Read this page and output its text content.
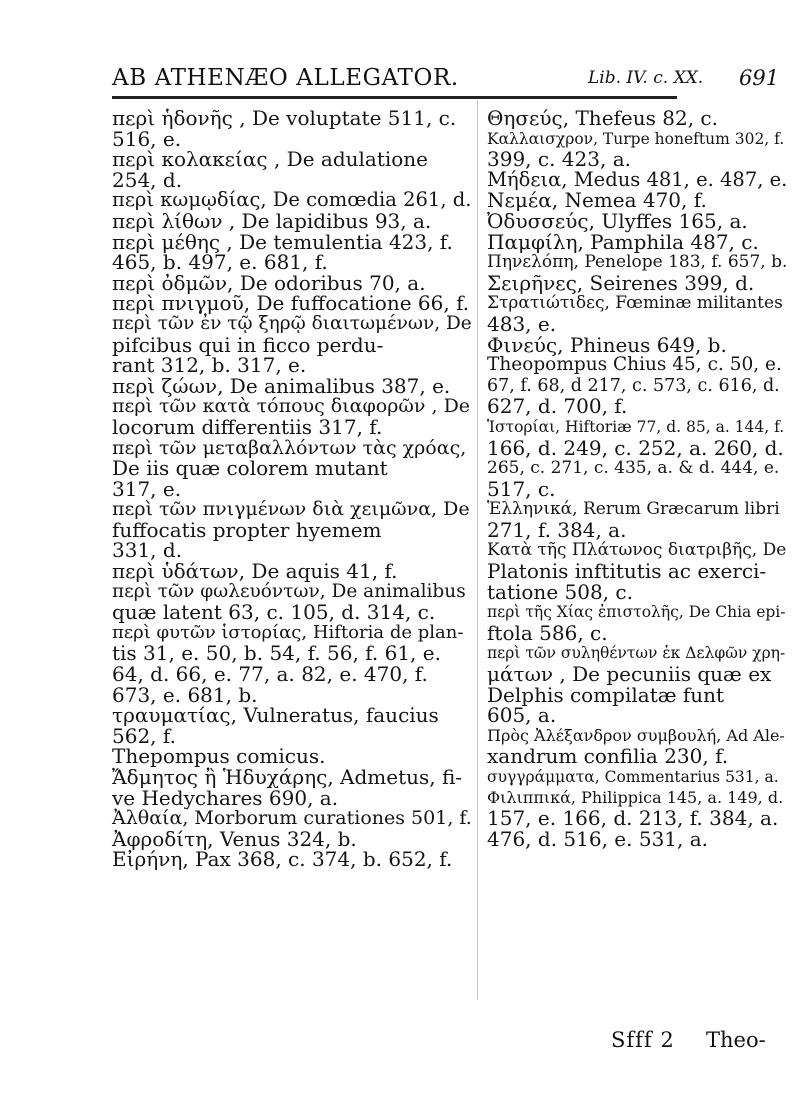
AB ATHENÆO ALLEGATOR.	Lib. IV. c. XX. 691

περὶ ἡδονῆς , De voluptate 511, c.

516, e.

περὶ κολακείας , De adulatione

254, d.

περὶ κωμῳδίας, De comœdia 261, d.

περὶ λίθων , De lapidibus 93, a.

περὶ μέθης , De temulentia 423, f.

465, b. 497, e. 681, f.

περὶ ὀδμῶν, De odoribus 70, a.

περὶ πνιγμοῦ, De fuffocatione 66, f.

περὶ τῶν ἐν τῷ ξηρῷ διαιτωμένων, De

pifcibus qui in ficco perdu-

rant 312, b. 317, e.

περὶ ζώων, De animalibus 387, e.

περὶ τῶν κατὰ τόπους διαφορῶν , De

locorum differentiis 317, f.

περὶ τῶν μεταβαλλόντων τὰς χρόας,

De iis quæ colorem mutant

317, e.

περὶ τῶν πνιγμένων διὰ χειμῶνα, De

fuffocatis propter hyemem

331, d.

περὶ ὑδάτων, De aquis 41, f.

περὶ τῶν φωλευόντων, De animalibus

quæ latent 63, c. 105, d. 314, c.

περὶ φυτῶν ἱστορίας, Hiftoria de plan-

tis 31, e. 50, b. 54, f. 56, f. 61, e.

64, d. 66, e. 77, a. 82, e. 470, f.

673, e. 681, b.

τραυματίας, Vulneratus, faucius

562, f.

Thepompus comicus.

Ἄδμητος ἢ Ἡδυχάρης, Admetus, fi-

ve Hedychares 690, a.

Ἀλθαία, Morborum curationes 501, f.

Ἀφροδίτη, Venus 324, b.

Εἰρήνη, Pax 368, c. 374, b. 652, f.

Θησεύς, Thefeus 82, c.

Καλλαισχρον, Turpe honeftum 302, f.

399, c. 423, a.

Μήδεια, Medus 481, e. 487, e.

Νεμέα, Nemea 470, f.

Ὀδυσσεύς, Ulyffes 165, a.

Παμφίλη, Pamphila 487, c.

Πηνελόπη, Penelope 183, f. 657, b.

Σειρῆνες, Seirenes 399, d.

Στρατιώτιδες, Fœminæ militantes

483, e.

Φινεύς, Phineus 649, b.

Theopompus Chius 45, c. 50, e.

67, f. 68, d 217, c. 573, c. 616, d.

627, d. 700, f.

Ἱστορίαι, Hiftoriæ 77, d. 85, a. 144, f.

166, d. 249, c. 252, a. 260, d.

265, c. 271, c. 435, a. & d. 444, e.

517, c.

Ἑλληνικά, Rerum Græcarum libri

271, f. 384, a.

Κατὰ τῆς Πλάτωνος διατριβῆς, De

Platonis inftitutis ac exerci-

tatione 508, c.

περὶ τῆς Χίας ἐπιστολῆς, De Chia epi-

ftola 586, c.

περὶ τῶν συληθέντων ἐκ Δελφῶν χρη-

μάτων , De pecuniis quæ ex

Delphis compilatæ funt

605, a.

Πρὸς Ἀλέξανδρον συμβουλή, Ad Ale-

xandrum confilia 230, f.

συγγράμματα, Commentarius 531, a.

Φιλιππικά, Philippica 145, a. 149, d.

157, e. 166, d. 213, f. 384, a.

476, d. 516, e. 531, a.

Sfff 2 Theo-
